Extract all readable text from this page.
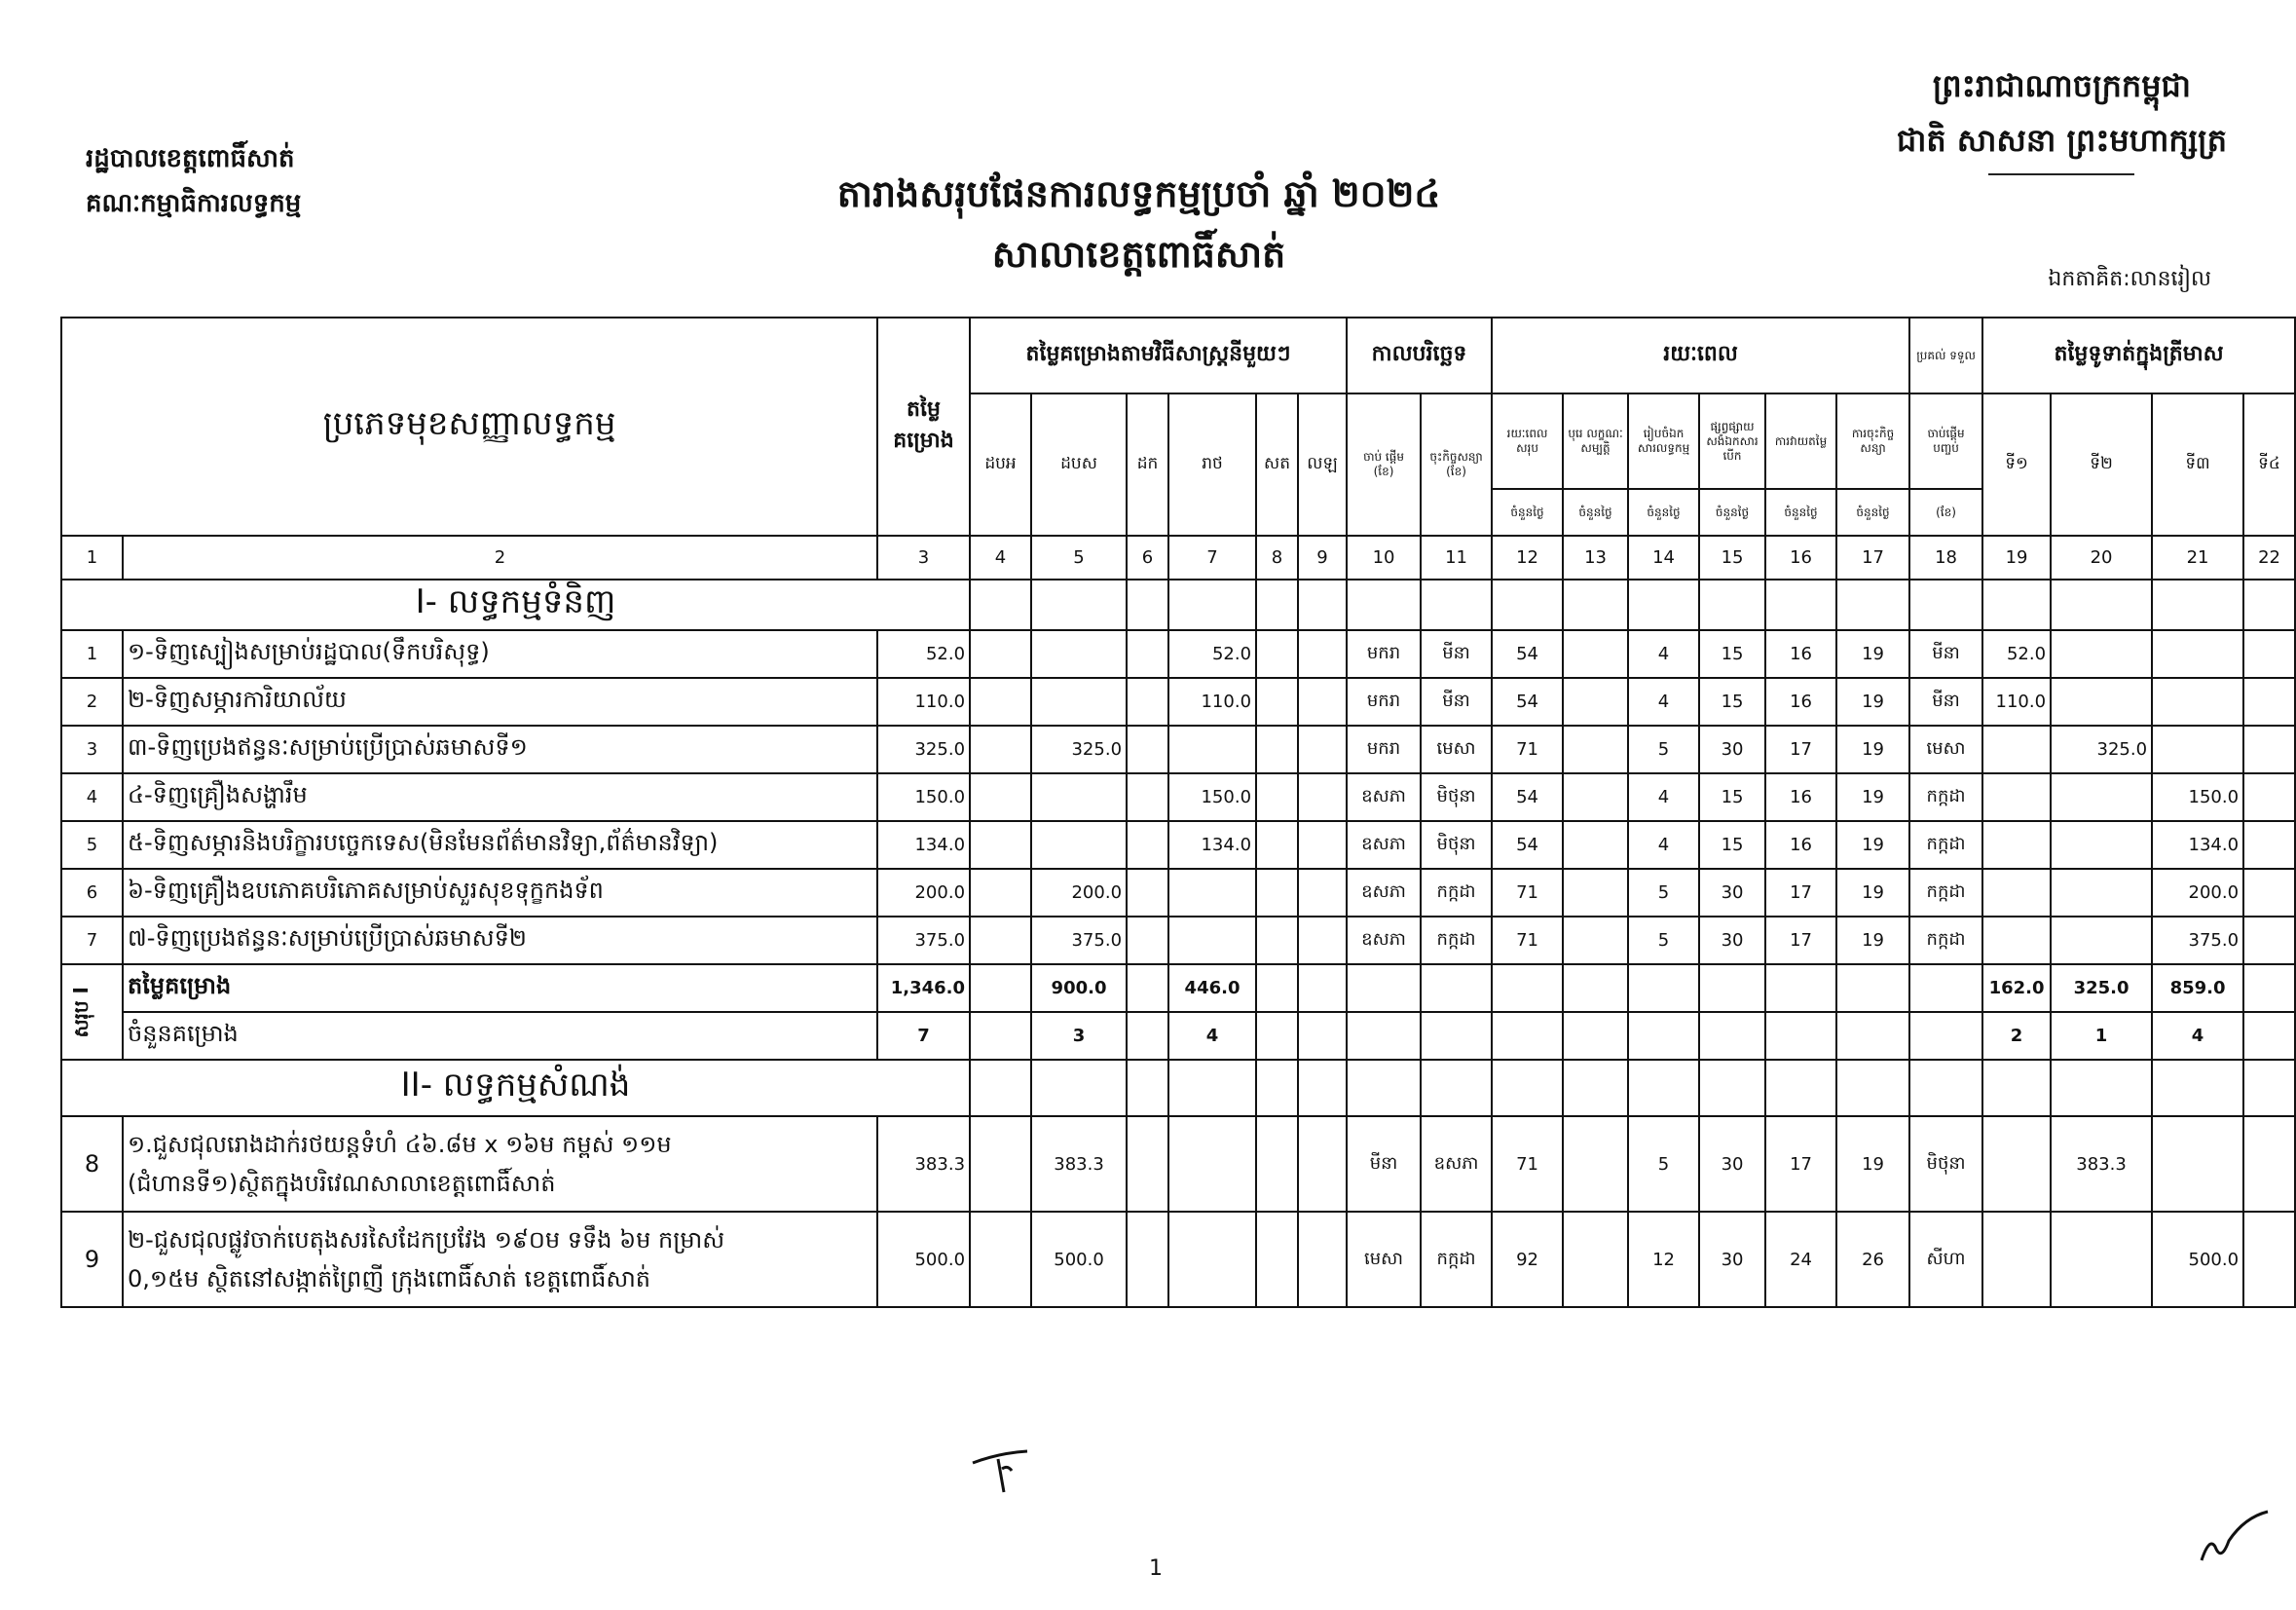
រដ្ឋបាលខេត្តពោធិ៍សាត់
គណៈកម្មាធិការលទ្ធកម្ម
ព្រះរាជាណាចក្រកម្ពុជា
ជាតិ សាសនា ព្រះមហាក្សត្រ
តារាងសរុបផែនការលទ្ធកម្មប្រចាំ ឆ្នាំ ២០២៤
សាលាខេត្តពោធិ៍សាត់
ឯកតាគិត:លានរៀល
ប្រភេទមុខសញ្ញាលទ្ធកម្ម		តម្លៃ គម្រោង	តម្លៃគម្រោងតាមវិធីសាស្ត្រនីមួយៗ						កាលបរិច្ឆេទ		រយៈពេល						ប្រគល់ ទទួល	តម្លៃទូទាត់ក្នុងត្រីមាស			
			ដបអ	ដបស	ដក	រាថ	សត	លឡ	ចាប់ ផ្តើម (ខែ)	ចុះកិច្ចសន្យា (ខែ)	រយៈពេល សរុប	បុរេ លក្ខណៈ សម្បត្តិ	រៀបចំឯក សារលទ្ធកម្ម	ផ្សព្វផ្សាយ សងំឯកសារ បើក	ការវាយតម្លៃ	ការចុះកិច្ច សន្យា	ចាប់ផ្តើម បញ្ចប់	ទី១	ទី២	ទី៣	ទី៤
											ចំនួនថ្ងៃ	ចំនួនថ្ងៃ	ចំនួនថ្ងៃ	ចំនួនថ្ងៃ	ចំនួនថ្ងៃ	ចំនួនថ្ងៃ	(ខែ)				
1	2	3	4	5	6	7	8	9	10	11	12	13	14	15	16	17	18	19	20	21	22
I- លទ្ធកម្មទំនិញ																					
1	១-ទិញស្បៀងសម្រាប់រដ្ឋបាល(ទឹកបរិសុទ្ធ)	52.0				52.0			មករា	មីនា	54		4	15	16	19	មីនា	52.0			
2	២-ទិញសម្ភារការិយាល័យ	110.0				110.0			មករា	មីនា	54		4	15	16	19	មីនា	110.0			
3	៣-ទិញប្រេងឥន្ធនៈសម្រាប់ប្រើប្រាស់ឆមាសទី១	325.0		325.0					មករា	មេសា	71		5	30	17	19	មេសា		325.0		
4	៤-ទិញគ្រឿងសង្ហារឹម	150.0				150.0			ឧសភា	មិថុនា	54		4	15	16	19	កក្កដា			150.0	
5	៥-ទិញសម្ភារនិងបរិក្ខារបច្ចេកទេស(មិនមែនព័ត៌មានវិទ្យា,ព័ត៌មានវិទ្យា)	134.0				134.0			ឧសភា	មិថុនា	54		4	15	16	19	កក្កដា			134.0	
6	៦-ទិញគ្រឿងឧបភោគបរិភោគសម្រាប់សួរសុខទុក្ខកងទ័ព	200.0		200.0					ឧសភា	កក្កដា	71		5	30	17	19	កក្កដា			200.0	
7	៧-ទិញប្រេងឥន្ធនៈសម្រាប់ប្រើប្រាស់ឆមាសទី២	375.0		375.0					ឧសភា	កក្កដា	71		5	30	17	19	កក្កដា			375.0	

សរុប I	តម្លៃគម្រោង	1,346.0		900.0		446.0												162.0	325.0	859.0	
	ចំនួនគម្រោង	7		3		4												2	1	4	
II- លទ្ធកម្មសំណង់																					
8	១.ជួសជុលរោងដាក់រថយន្តទំហំ ៤៦.៨ម x ១៦ម កម្ពស់ ១១ម
(ជំហានទី១)ស្ថិតក្នុងបរិវេណសាលាខេត្តពោធិ៍សាត់	383.3		383.3					មីនា	ឧសភា	71		5	30	17	19	មិថុនា		383.3		
9	២-ជួសជុលផ្លូវចាក់បេតុងសរសៃដែកប្រវែង ១៩០ម ទទឹង ៦ម កម្រាស់
0,១៥ម ស្ថិតនៅសង្កាត់ព្រៃញី ក្រុងពោធិ៍សាត់ ខេត្តពោធិ៍សាត់	500.0		500.0					មេសា	កក្កដា	92		12	30	24	26	សីហា			500.0	
1
